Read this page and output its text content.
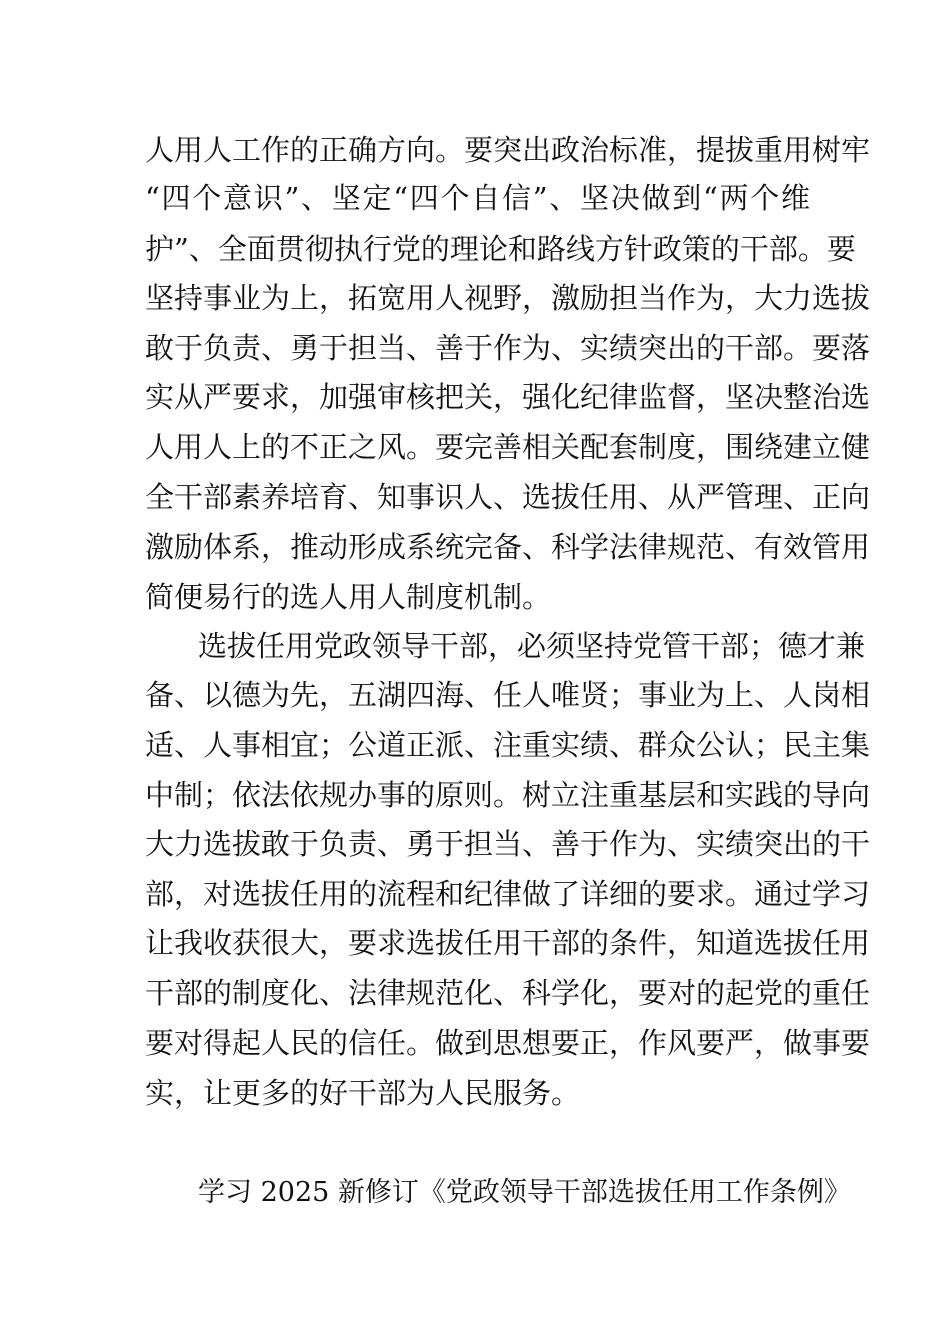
人用人工作的正确方向。要突出政治标准，提拔重用树牢
“四个意识”、坚定“四个自信”、坚决做到“两个维
护”、全面贯彻执行党的理论和路线方针政策的干部。要
坚持事业为上，拓宽用人视野，激励担当作为，大力选拔
敢于负责、勇于担当、善于作为、实绩突出的干部。要落
实从严要求，加强审核把关，强化纪律监督，坚决整治选
人用人上的不正之风。要完善相关配套制度，围绕建立健
全干部素养培育、知事识人、选拔任用、从严管理、正向
激励体系，推动形成系统完备、科学法律规范、有效管用
简便易行的选人用人制度机制。
选拔任用党政领导干部，必须坚持党管干部；德才兼
备、以德为先，五湖四海、任人唯贤；事业为上、人岗相
适、人事相宜；公道正派、注重实绩、群众公认；民主集
中制；依法依规办事的原则。树立注重基层和实践的导向
大力选拔敢于负责、勇于担当、善于作为、实绩突出的干
部，对选拔任用的流程和纪律做了详细的要求。通过学习
让我收获很大，要求选拔任用干部的条件，知道选拔任用
干部的制度化、法律规范化、科学化，要对的起党的重任
要对得起人民的信任。做到思想要正，作风要严，做事要
实，让更多的好干部为人民服务。
学习 2025 新修订《党政领导干部选拔任用工作条例》
